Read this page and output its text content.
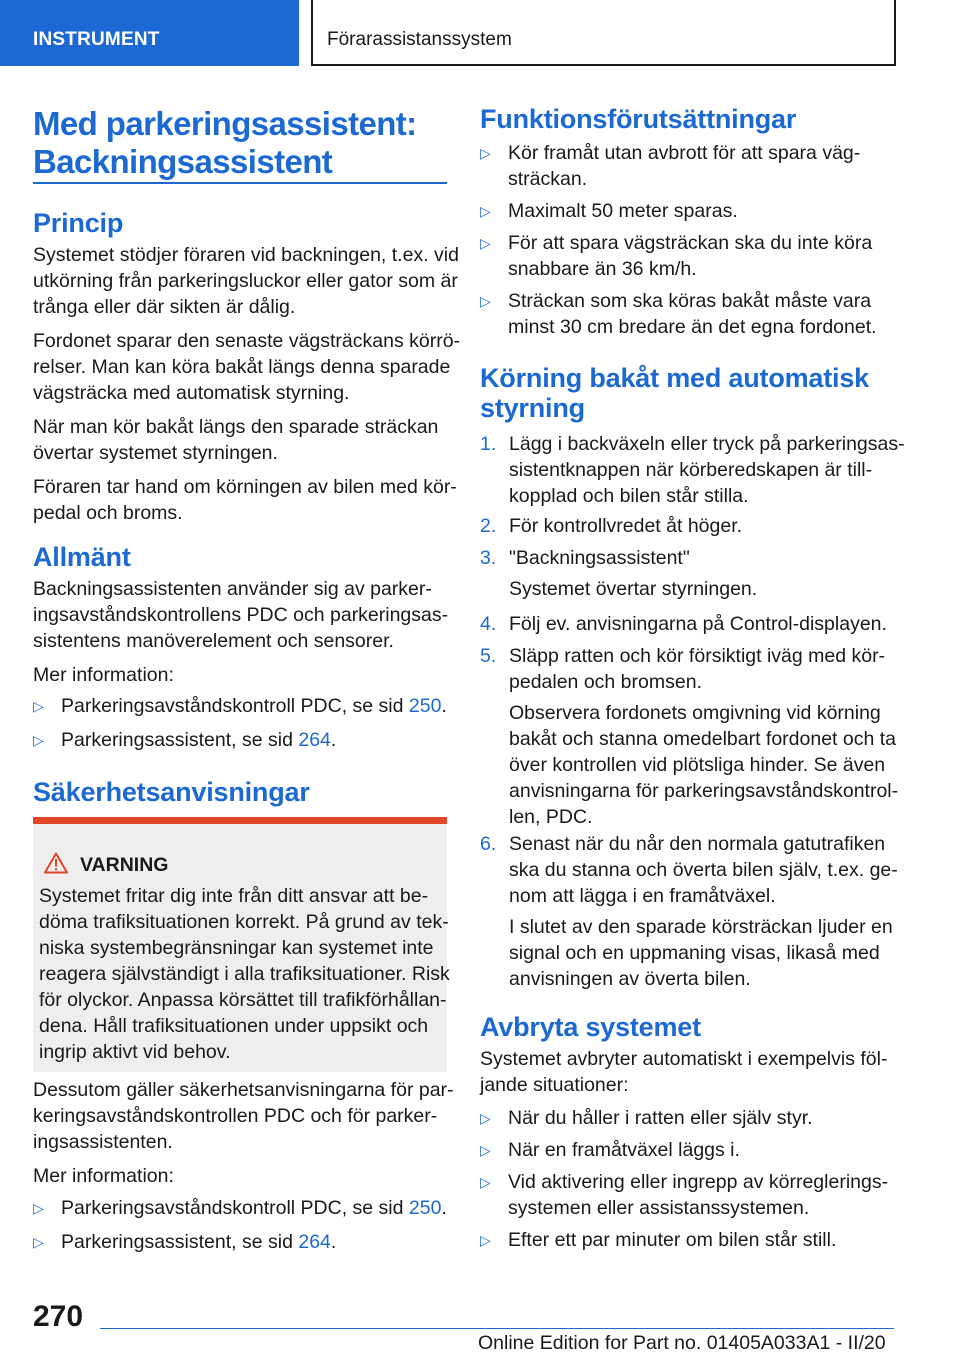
INSTRUMENT	Förarassistanssystem
Med parkeringsassistent:
Backningsassistent
Princip
Systemet stödjer föraren vid backningen, t.ex. vid
utkörning från parkeringsluckor eller gator som är
trånga eller där sikten är dålig.
Fordonet sparar den senaste vägsträckans körrö-
relser. Man kan köra bakåt längs denna sparade
vägsträcka med automatisk styrning.
När man kör bakåt längs den sparade sträckan
övertar systemet styrningen.
Föraren tar hand om körningen av bilen med kör-
pedal och broms.
Allmänt
Backningsassistenten använder sig av parker-
ingsavståndskontrollens PDC och parkeringsas-
sistentens manöverelement och sensorer.
Mer information:
▷ Parkeringsavståndskontroll PDC, se sid 250.
▷ Parkeringsassistent, se sid 264.
Säkerhetsanvisningar
VARNING
Systemet fritar dig inte från ditt ansvar att be-
döma trafiksituationen korrekt. På grund av tek-
niska systembegränsningar kan systemet inte
reagera självständigt i alla trafiksituationer. Risk
för olyckor. Anpassa körsättet till trafikförhållan-
dena. Håll trafiksituationen under uppsikt och
ingrip aktivt vid behov.
Dessutom gäller säkerhetsanvisningarna för par-
keringsavståndskontrollen PDC och för parker-
ingsassistenten.
Mer information:
▷ Parkeringsavståndskontroll PDC, se sid 250.
▷ Parkeringsassistent, se sid 264.
Funktionsförutsättningar
▷ Kör framåt utan avbrott för att spara väg-
sträckan.
▷ Maximalt 50 meter sparas.
▷ För att spara vägsträckan ska du inte köra
snabbare än 36 km/h.
▷ Sträckan som ska köras bakåt måste vara
minst 30 cm bredare än det egna fordonet.
Körning bakåt med automatisk
styrning
1. Lägg i backväxeln eller tryck på parkeringsas-
sistentknappen när körberedskapen är till-
kopplad och bilen står stilla.
2. För kontrollvredet åt höger.
3. "Backningsassistent"
Systemet övertar styrningen.
4. Följ ev. anvisningarna på Control-displayen.
5. Släpp ratten och kör försiktigt iväg med kör-
pedalen och bromsen.
Observera fordonets omgivning vid körning
bakåt och stanna omedelbart fordonet och ta
över kontrollen vid plötsliga hinder. Se även
anvisningarna för parkeringsavståndskontrol-
len, PDC.
6. Senast när du når den normala gatutrafiken
ska du stanna och överta bilen själv, t.ex. ge-
nom att lägga i en framåtväxel.
I slutet av den sparade körsträckan ljuder en
signal och en uppmaning visas, likaså med
anvisningen av överta bilen.
Avbryta systemet
Systemet avbryter automatiskt i exempelvis föl-
jande situationer:
▷ När du håller i ratten eller själv styr.
▷ När en framåtväxel läggs i.
▷ Vid aktivering eller ingrepp av körreglerings-
systemen eller assistanssystemen.
▷ Efter ett par minuter om bilen står still.
270
Online Edition for Part no. 01405A033A1 - II/20
